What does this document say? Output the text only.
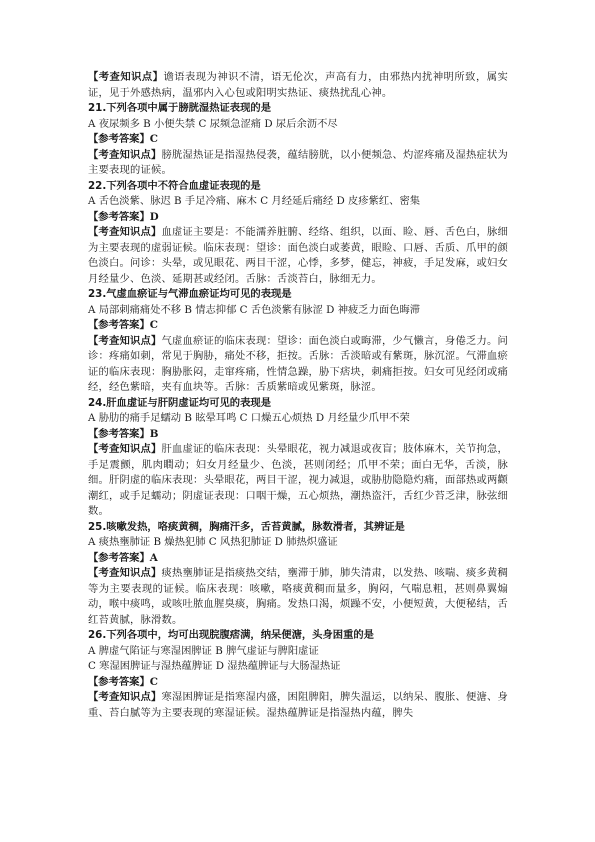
【考查知识点】谵语表现为神识不清，语无伦次，声高有力，由邪热内扰神明所致，属实证，见于外感热病，温邪内入心包或阳明实热证、痰热扰乱心神。

21.下列各项中属于膀胱湿热证表现的是

A 夜尿频多 B 小便失禁 C 尿频急涩痛 D 尿后余沥不尽

【参考答案】C

【考查知识点】膀胱湿热证是指湿热侵袭，蕴结膀胱，以小便频急、灼涩疼痛及湿热症状为主要表现的证候。

22.下列各项中不符合血虚证表现的是

A 舌色淡紫、脉迟 B 手足冷痛、麻木 C 月经延后痛经 D 皮疹紫红、密集

【参考答案】D

【考查知识点】血虚证主要是：不能濡养脏腑、经络、组织，以面、睑、唇、舌色白，脉细为主要表现的虚弱证候。临床表现：望诊：面色淡白或萎黄，眼睑、口唇、舌质、爪甲的颜色淡白。问诊：头晕，或见眼花、两目干涩，心悸，多梦，健忘，神疲，手足发麻，或妇女月经量少、色淡、延期甚或经闭。舌脉：舌淡苔白，脉细无力。

23.气虚血瘀证与气滞血瘀证均可见的表现是

A 局部刺痛痛处不移 B 情志抑郁 C 舌色淡紫有脉涩 D 神疲乏力面色晦滞

【参考答案】C

【考查知识点】气虚血瘀证的临床表现：望诊：面色淡白或晦滞，少气懒言，身倦乏力。问诊：疼痛如刺，常见于胸胁，痛处不移，拒按。舌脉：舌淡暗或有紫斑，脉沉涩。气滞血瘀证的临床表现：胸胁胀闷，走窜疼痛，性情急躁，胁下痞块，刺痛拒按。妇女可见经闭或痛经，经色紫暗，夹有血块等。舌脉：舌质紫暗或见紫斑，脉涩。

24.肝血虚证与肝阴虚证均可见的表现是

A 胁肋的痛手足蠕动 B 眩晕耳鸣 C 口燥五心烦热 D 月经量少爪甲不荣

【参考答案】B

【考查知识点】肝血虚证的临床表现：头晕眼花，视力减退或夜盲；肢体麻木，关节拘急，手足震颤，肌肉瞤动；妇女月经量少、色淡，甚则闭经；爪甲不荣；面白无华，舌淡，脉细。肝阴虚的临床表现：头晕眼花，两目干涩，视力减退，或胁肋隐隐灼痛，面部热或两颧潮红，或手足蠕动；阴虚证表现：口咽干燥，五心烦热，潮热盗汗，舌红少苔乏津，脉弦细数。

25.咳嗽发热，咯痰黄稠，胸痛汗多，舌苔黄腻，脉数滑者，其辨证是

A 痰热壅肺证 B 燥热犯肺 C 风热犯肺证 D 肺热炽盛证

【参考答案】A

【考查知识点】痰热壅肺证是指痰热交结，壅滞于肺，肺失清肃，以发热、咳喘、痰多黄稠等为主要表现的证候。临床表现：咳嗽，咯痰黄稠而量多，胸闷，气喘息粗，甚则鼻翼煽动，喉中痰鸣，或咳吐脓血腥臭痰，胸痛。发热口渴，烦躁不安，小便短黄，大便秘结，舌红苔黄腻，脉滑数。

26.下列各项中，均可出现脘腹痞满，纳呆便溏，头身困重的是

A 脾虚气陷证与寒湿困脾证 B 脾气虚证与脾阳虚证

C 寒湿困脾证与湿热蕴脾证 D 湿热蕴脾证与大肠湿热证

【参考答案】C

【考查知识点】寒湿困脾证是指寒湿内盛，困阻脾阳，脾失温运，以纳呆、腹胀、便溏、身重、苔白腻等为主要表现的寒湿证候。湿热蕴脾证是指湿热内蕴，脾失
